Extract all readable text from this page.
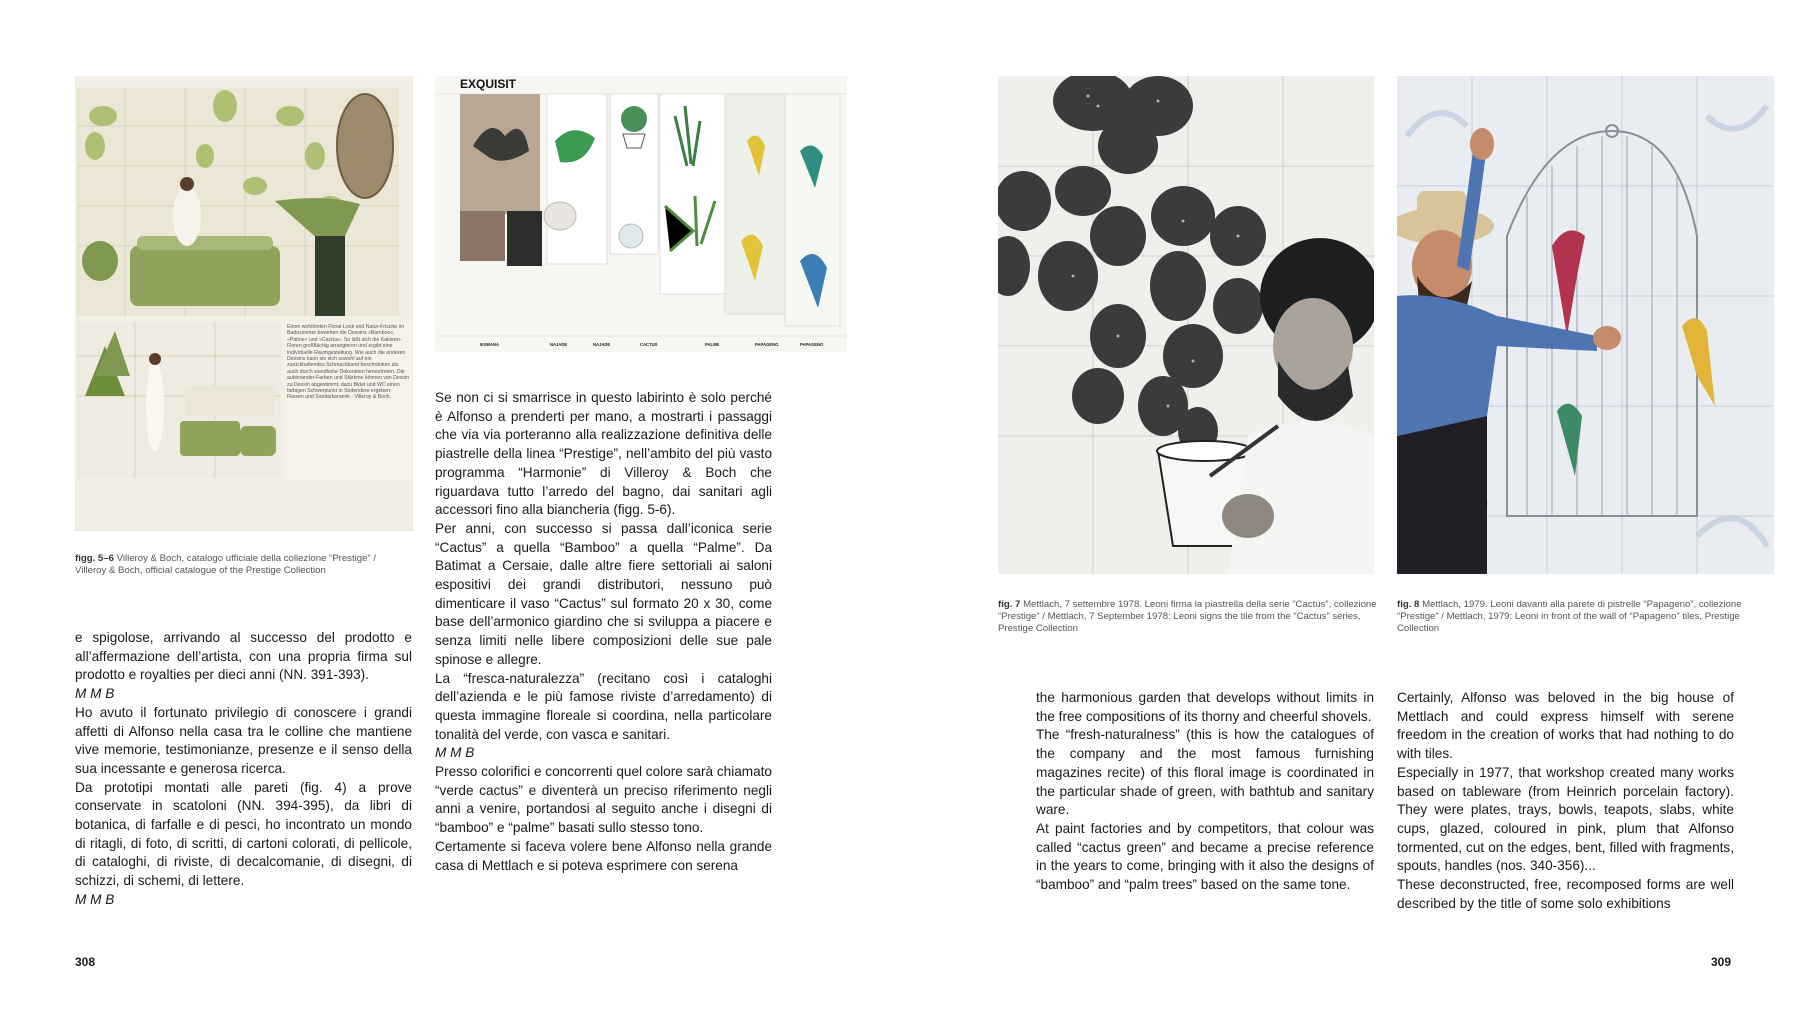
Einen wohltönten Floral-Look und Natur-Frische im Badezimmer bewirken die Dessins »Bamboo«, »Palme« und »Cactus«. So läßt sich die Kakteen-Floren großflächig arrangieren und ergibt eine individuelle Raumgestaltung. Wie auch die anderen Dessins kann sie sich sowohl auf ein zurückhaltendes Schmuckband beschränken als auch durch wandhohe Dekoration hervortreten. Die aufeinander-Farben und Stärkme können von Dessin zu Dessin abgestimmt, dazu Bidet und WC einen farbigen Schwerpunkt in Sodendere ergeben: Fliesen und Sanitärkeramik - Villeroy & Boch.
EXQUISIT
IKEBANA	NAJADE	NAJADE	CACTUS	PALME	PAPAGENO	PAPAGENO
figg. 5–6 Villeroy & Boch, catalogo ufficiale della collezione “Prestige” / Villeroy & Boch, official catalogue of the Prestige Collection

e spigolose, arrivando al successo del prodotto e all’affermazione dell’artista, con una propria firma sul prodotto e royalties per dieci anni (NN. 391-393).

M M B

Ho avuto il fortunato privilegio di conoscere i grandi affetti di Alfonso nella casa tra le colline che mantiene vive memorie, testimonianze, presenze e il senso della sua incessante e generosa ricerca.

Da prototipi montati alle pareti (fig. 4) a prove conservate in scatoloni (NN. 394-395), da libri di botanica, di farfalle e di pesci, ho incontrato un mondo di ritagli, di foto, di scritti, di cartoni colorati, di pellicole, di cataloghi, di riviste, di decalcomanie, di disegni, di schizzi, di schemi, di lettere.

M M B

Se non ci si smarrisce in questo labirinto è solo perché è Alfonso a prenderti per mano, a mostrarti i passaggi che via via porteranno alla realizzazione definitiva delle piastrelle della linea “Prestige”, nell’ambito del più vasto programma “Harmonie” di Villeroy & Boch che riguardava tutto l’arredo del bagno, dai sanitari agli accessori fino alla biancheria (figg. 5-6).

Per anni, con successo si passa dall’iconica serie “Cactus” a quella “Bamboo” a quella “Palme”. Da Batimat a Cersaie, dalle altre fiere settoriali ai saloni espositivi dei grandi distributori, nessuno può dimenticare il vaso “Cactus” sul formato 20 x 30, come base dell’armonico giardino che si sviluppa a piacere e senza limiti nelle libere composizioni delle sue pale spinose e allegre.

La “fresca-naturalezza” (recitano così i cataloghi dell’azienda e le più famose riviste d’arredamento) di questa immagine floreale si coordina, nella particolare tonalità del verde, con vasca e sanitari.

M M B

Presso colorifici e concorrenti quel colore sarà chiamato “verde cactus” e diventerà un preciso riferimento negli anni a venire, portandosi al seguito anche i disegni di “bamboo” e “palme” basati sullo stesso tono.

Certamente si faceva volere bene Alfonso nella grande casa di Mettlach e si poteva esprimere con serena

308
fig. 7 Mettlach, 7 settembre 1978. Leoni firma la piastrella della serie “Cactus”, collezione “Prestige” / Mettlach, 7 September 1978: Leoni signs the tile from the “Cactus” series, Prestige Collection
fig. 8 Mettlach, 1979. Leoni davanti alla parete di pistrelle “Papageno”, collezione “Prestige” / Mettlach, 1979: Leoni in front of the wall of “Papageno” tiles, Prestige Collection

the harmonious garden that develops without limits in the free compositions of its thorny and cheerful shovels.

The “fresh-naturalness” (this is how the catalogues of the company and the most famous furnishing magazines recite) of this floral image is coordinated in the particular shade of green, with bathtub and sanitary ware.

At paint factories and by competitors, that colour was called “cactus green” and became a precise reference in the years to come, bringing with it also the designs of “bamboo” and “palm trees” based on the same tone.

Certainly, Alfonso was beloved in the big house of Mettlach and could express himself with serene freedom in the creation of works that had nothing to do with tiles.

Especially in 1977, that workshop created many works based on tableware (from Heinrich porcelain factory). They were plates, trays, bowls, teapots, slabs, white cups, glazed, coloured in pink, plum that Alfonso tormented, cut on the edges, bent, filled with fragments, spouts, handles (nos. 340-356)...

These deconstructed, free, recomposed forms are well described by the title of some solo exhibitions

309
